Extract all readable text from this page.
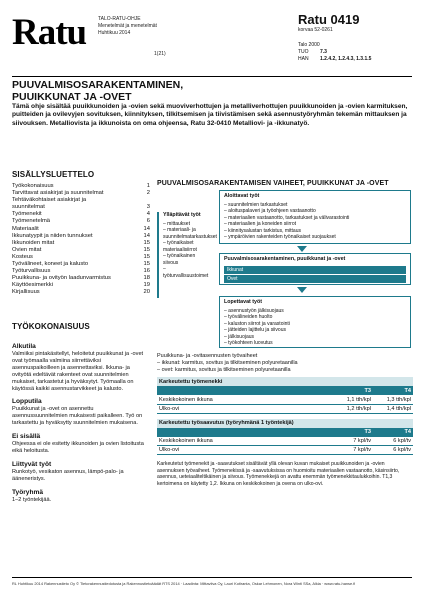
Ratu TALO-RATU-OHJE
Menetelmät ja menetelmät
Huhtikuu 2014
1(21)
Ratu 0419
korvaa 52-0261
Talo 2000
TUO	7.3
HAN	1.2.4.2, 1.2.4.3, 1.3.1.5
PUUVALMISOSARAKENTAMINEN,
PUUIKKUNAT JA -OVET
Tämä ohje sisältää puuikkunoiden ja -ovien sekä muoviverhottujen ja metalliverhottujen puuikkunoiden ja -ovien karmituksen, puitteiden ja ovilevyjen sovituksen, kiinnityksen, tilkitsemisen ja tiivistämisen sekä asennustyöryhmän tekemän mittauksen ja siivouksen. Metalliovista ja ikkunoista on oma ohjeensa, Ratu 32-0410 Metalliovi- ja -ikkunatyö.
SISÄLLYSLUETTELO
Työkokonaisuus	1
Tarvittavat asiakirjat ja suunnitelmat	2
Tehtäväkohtaiset asiakirjat ja
suunnitelmat	3
Työmenekit	4
Työmenetelmä	6
Materiaalit	14
Ikkunatyypit ja niiden tunnukset	14
Ikkunoiden mitat	15
Ovien mitat	15
Kosteus	15
Työvälineet, koneet ja kalusto	15
Työturvallisuus	16
Puuikkuna- ja ovityön laadunvarmistus	18
Käyttöesimerkki	19
Kirjallisuus	20
TYÖKOKONAISUUS
Alkutila

Valmiiksi pintakäsitellyt, heloitetut puuikkunat ja -ovet ovat työmaalla valmiina siirrettäviksi asennuspaikoilleen ja asennettaviksi. Ikkuna- ja ovityötä edeltävät rakenteet ovat suunnitelmien mukaiset, tarkastetut ja hyväksytyt. Työmaalla on käytössä kaikki asennustarvikkeet ja kalusto.

Lopputila

Puuikkunat ja -ovet on asennettu asennussuunnitelmien mukaisesti paikalleen. Työ on tarkastettu ja hyväksytty suunnitelmien mukaisena.

Ei sisällä

Ohjeessa ei ole esitetty ikkunoiden ja ovien listoitusta eikä heloitusta.

Liittyvät työt

Runkotyö, vesikaton asennus, lämpö-palo- ja ääneneristys.

Työryhmä

1–2 työntekijää.

PUUVALMISOSARAKENTAMISEN VAIHEET, PUUIKKUNAT JA -OVET
Ylläpitävät työt
– mittaukset
– materiaali- ja suunnitelmatarkastukset
– työnaikaiset materiaalisiirrot
– työnaikainen siivous
– työturvallisuustoimet
Aloittavat työt
– suunnitelmien tarkastukset
– aloituspalaveri ja työohjeen vastaanotto
– materiaalien vastaanotto, tarkastukset ja välivarastointi
– materiaalien ja koneiden siirrot
– kiinnitysalustan tarkistus, mittaus
– ympäröivien rakenteiden työnaikaiset suojaukset
Puuvalmisosarakentaminen, puuikkunat ja -ovet
Ikkunat
Ovet
Lopettavat työt
– asennustyön jälkisuojaus
– työvälineiden huolto
– kaluston siirrot ja varastointi
– jätteiden lajittelu ja siivous
– jälkisuojaus
– työkohteen luovutus
Puuikkuna- ja -ovitasennusten työvaiheet
– ikkunat: karmitus, sovitus ja tilkitseminen polyuretaanilla
– ovet: karmitus, sovitus ja tilkitseminen polyuretaanilla
Karkeutettu työmenekki		
	T3	T4
Keskikokoinen ikkuna	1,1 tth/kpl	1,3 tth/kpl
Ulko-ovi	1,2 tth/kpl	1,4 tth/kpl
Karkeutettu työsaavutus (työryhmänä 1 työntekijä)		
	T3	T4
Keskikokoinen ikkuna	7 kpl/tv	6 kpl/tv
Ulko-ovi	7 kpl/tv	6 kpl/tv
Karkeutetut työmenekit ja -saavutukset sisältävät yllä olevan kuvan mukaiset puuikkunoiden ja -ovien asennuksen työvaiheet. Työmenekissä ja -saavutuksissa on huomioitu materiaalien vastaanotto, käsinsiirto, asennus, ueteiaaliteltikäinen ja siivous. Työmenekkejä on avattu enemmän työmenekkitaulukkoihin. T1,3 kertoimena on käytetty 1,2. Ikkuna on keskikokoinen ja ovena on ulko-ovi.
RL Huhtikuu 2014 Rakennustieto Oy © Tietorakennustiedotusta ja Rakennustietoäädät RTS 2014 · Laadinta: Mittaviiva Oy, Lauri Kotiranta, Oskar Lehmonen, Nora Winti SSa, Alkia · www.ratu-hanse.fi
